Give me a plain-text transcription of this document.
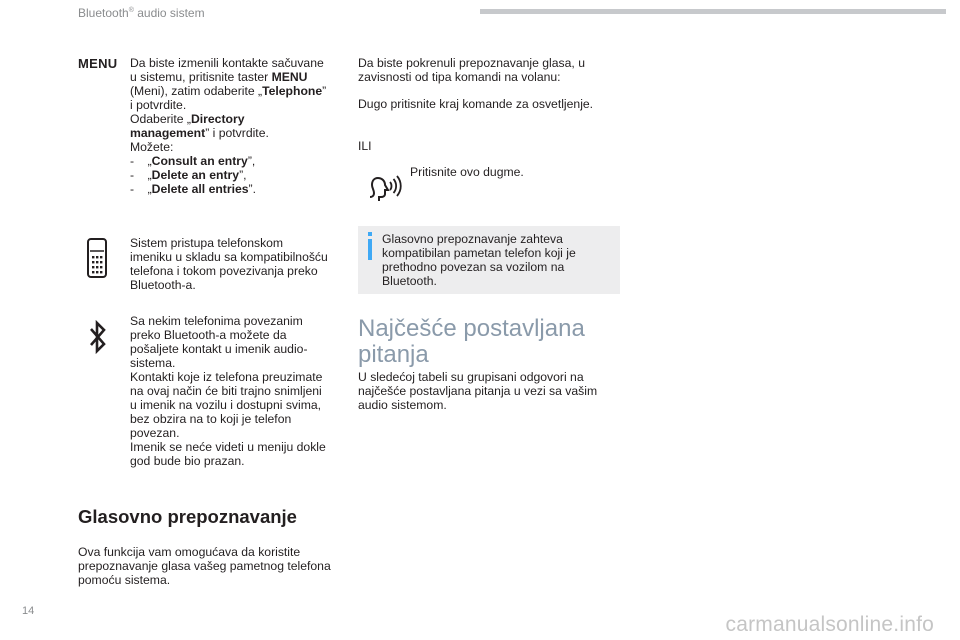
Bluetooth® audio sistem
MENU Da biste izmenili kontakte sačuvane

u sistemu, pritisnite taster MENU

(Meni), zatim odaberite „Telephone”

i potvrdite.

Odaberite „Directory

management” i potvrdite.

Možete:

-    „Consult an entry”,

-    „Delete an entry”,

-    „Delete all entries”.

Sistem pristupa telefonskom

imeniku u skladu sa kompatibilnošću

telefona i tokom povezivanja preko

Bluetooth-a.

Sa nekim telefonima povezanim

preko Bluetooth-a možete da

pošaljete kontakt u imenik audio-

sistema.

Kontakti koje iz telefona preuzimate

na ovaj način će biti trajno snimljeni

u imenik na vozilu i dostupni svima,

bez obzira na to koji je telefon

povezan.

Imenik se neće videti u meniju dokle

god bude bio prazan.

Glasovno prepoznavanje

Ova funkcija vam omogućava da koristite

prepoznavanje glasa vašeg pametnog telefona

pomoću sistema.

Da biste pokrenuli prepoznavanje glasa, u

zavisnosti od tipa komandi na volanu:

Dugo pritisnite kraj komande za osvetljenje.

ILI

Pritisnite ovo dugme.

Glasovno prepoznavanje zahteva

kompatibilan pametan telefon koji je

prethodno povezan sa vozilom na

Bluetooth.

Najčešće postavljana
pitanja

U sledećoj tabeli su grupisani odgovori na

najčešće postavljana pitanja u vezi sa vašim

audio sistemom.

14
carmanualsonline.info
